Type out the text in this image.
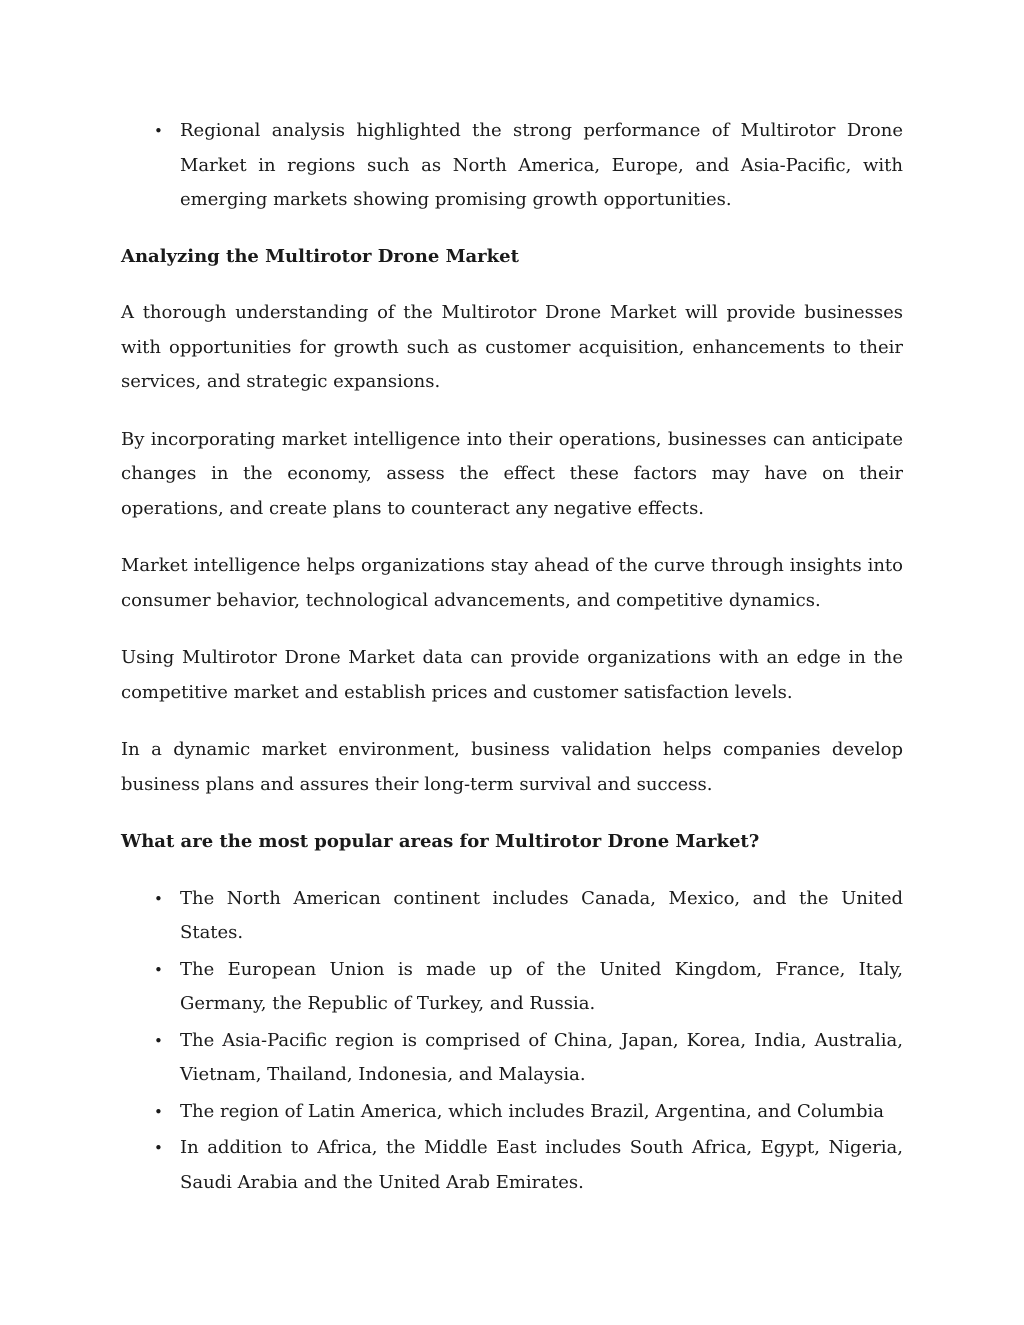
• Regional analysis highlighted the strong performance of Multirotor Drone Market in regions such as North America, Europe, and Asia-Pacific, with emerging markets showing promising growth opportunities.

Analyzing the Multirotor Drone Market

A thorough understanding of the Multirotor Drone Market will provide businesses with opportunities for growth such as customer acquisition, enhancements to their services, and strategic expansions.

By incorporating market intelligence into their operations, businesses can anticipate changes in the economy, assess the effect these factors may have on their operations, and create plans to counteract any negative effects.

Market intelligence helps organizations stay ahead of the curve through insights into consumer behavior, technological advancements, and competitive dynamics.

Using Multirotor Drone Market data can provide organizations with an edge in the competitive market and establish prices and customer satisfaction levels.

In a dynamic market environment, business validation helps companies develop business plans and assures their long-term survival and success.

What are the most popular areas for Multirotor Drone Market?

• The North American continent includes Canada, Mexico, and the United States.
• The European Union is made up of the United Kingdom, France, Italy, Germany, the Republic of Turkey, and Russia.
• The Asia-Pacific region is comprised of China, Japan, Korea, India, Australia, Vietnam, Thailand, Indonesia, and Malaysia.
• The region of Latin America, which includes Brazil, Argentina, and Columbia
• In addition to Africa, the Middle East includes South Africa, Egypt, Nigeria, Saudi Arabia and the United Arab Emirates.
